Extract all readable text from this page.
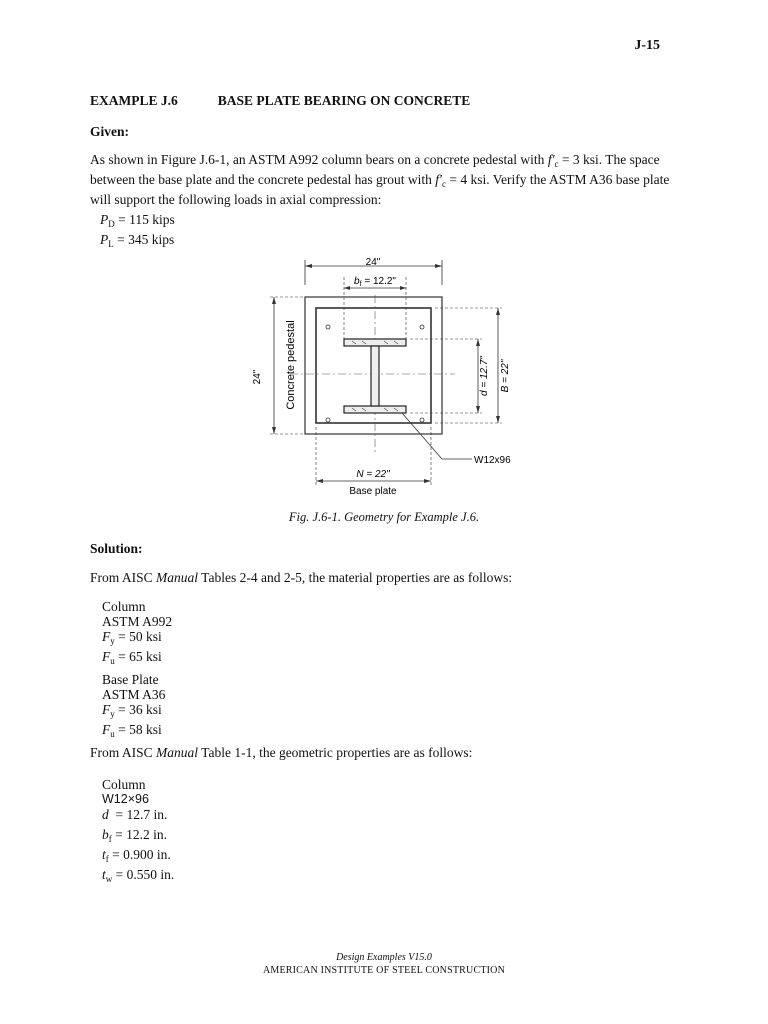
J-15
EXAMPLE J.6	BASE PLATE BEARING ON CONCRETE
Given:
As shown in Figure J.6-1, an ASTM A992 column bears on a concrete pedestal with $f'_c = 3$ ksi. The space between the base plate and the concrete pedestal has grout with $f'_c = 4$ ksi. Verify the ASTM A36 base plate will support the following loads in axial compression:
$P_D = 115$ kips
$P_L = 345$ kips
24"
$b_f = 12.2$"
24" Concrete pedestal	d = 12.7" B = 22"
W12x96
N = 22"
Base plate
Fig. J.6-1. Geometry for Example J.6.
Solution:
From AISC Manual Tables 2-4 and 2-5, the material properties are as follows:
Column
ASTM A992
$F_y = 50$ ksi
$F_u = 65$ ksi
Base Plate
ASTM A36
$F_y = 36$ ksi
$F_u = 58$ ksi
From AISC Manual Table 1-1, the geometric properties are as follows:
Column
W12×96
d  = 12.7 in.
$b_f = 12.2$ in.
$t_f = 0.900$ in.
$t_w = 0.550$ in.
Design Examples V15.0
AMERICAN INSTITUTE OF STEEL CONSTRUCTION
